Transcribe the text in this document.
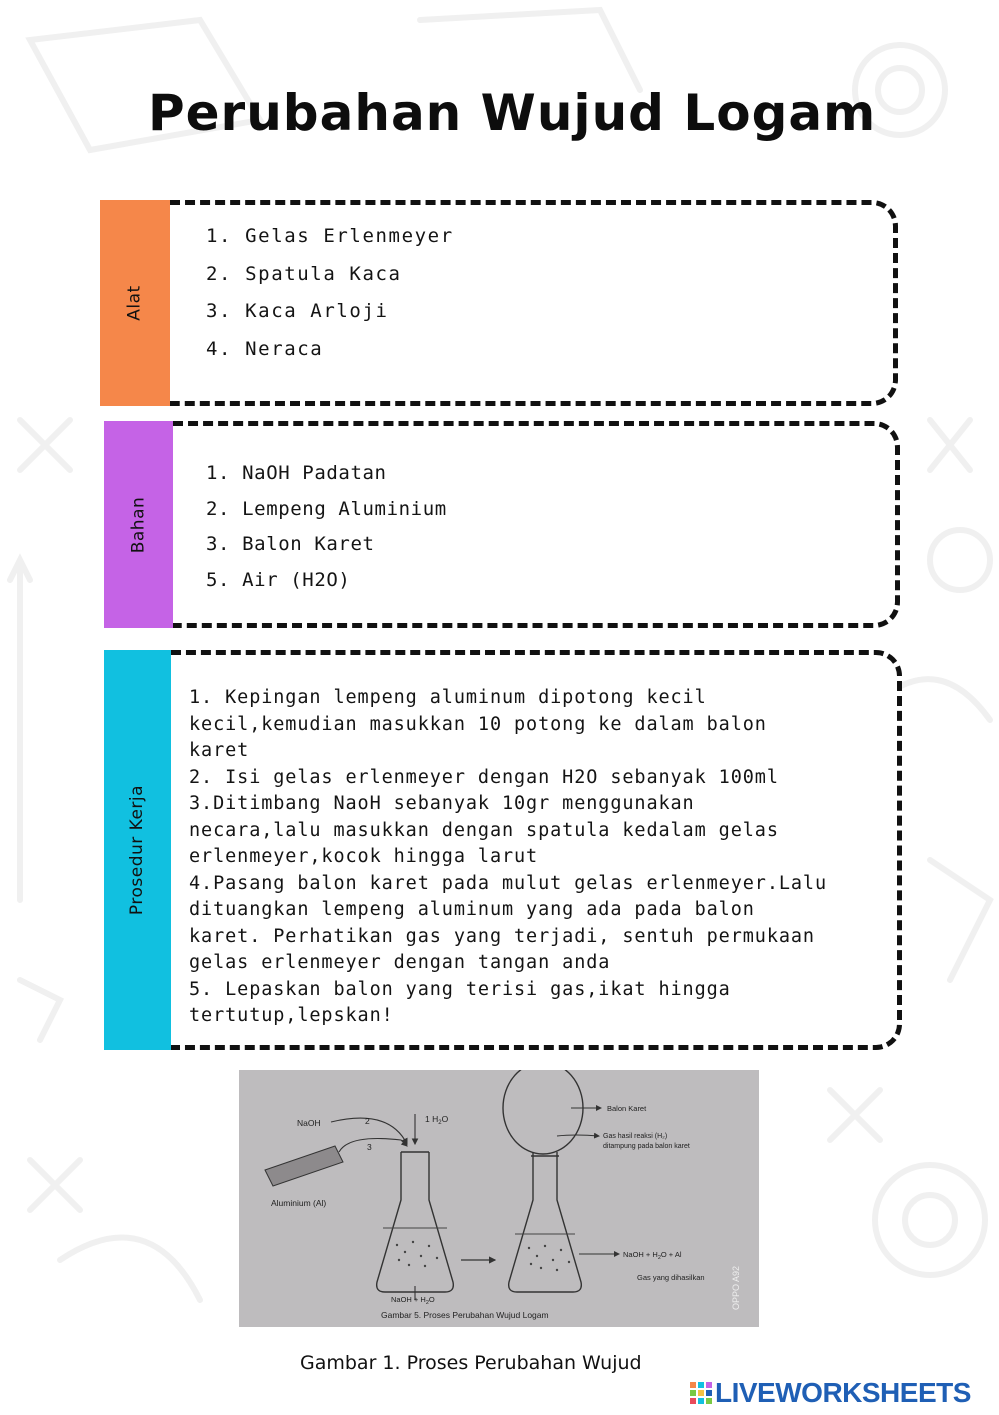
Perubahan Wujud Logam
Alat
1. Gelas Erlenmeyer
2. Spatula Kaca
3. Kaca Arloji
4. Neraca
Bahan
1. NaOH Padatan
2. Lempeng Aluminium
3. Balon Karet
5. Air (H2O)
Prosedur Kerja
1. Kepingan lempeng aluminum dipotong kecil
kecil,kemudian masukkan 10 potong ke dalam balon
karet
2. Isi gelas erlenmeyer dengan H2O sebanyak 100ml
3.Ditimbang NaoH sebanyak 10gr menggunakan
necara,lalu masukkan dengan spatula kedalam gelas
erlenmeyer,kocok hingga larut
4.Pasang balon karet pada mulut gelas erlenmeyer.Lalu
dituangkan lempeng aluminum yang ada pada balon
karet. Perhatikan gas yang terjadi, sentuh permukaan
gelas erlenmeyer dengan tangan anda
5. Lepaskan balon yang terisi gas,ikat hingga
tertutup,lepskan!
NaOH	2
3
1 $H_2O$
Aluminium (Al)
NaOH + $H_2O$
Balon Karet
Gas hasil reaksi (H₂)
ditampung pada balon karet
NaOH + $H_2O + Al$
Gas yang dihasilkan
Gambar 5. Proses Perubahan Wujud Logam
OPPO A92
Gambar 1. Proses Perubahan Wujud
LIVEWORKSHEETS
